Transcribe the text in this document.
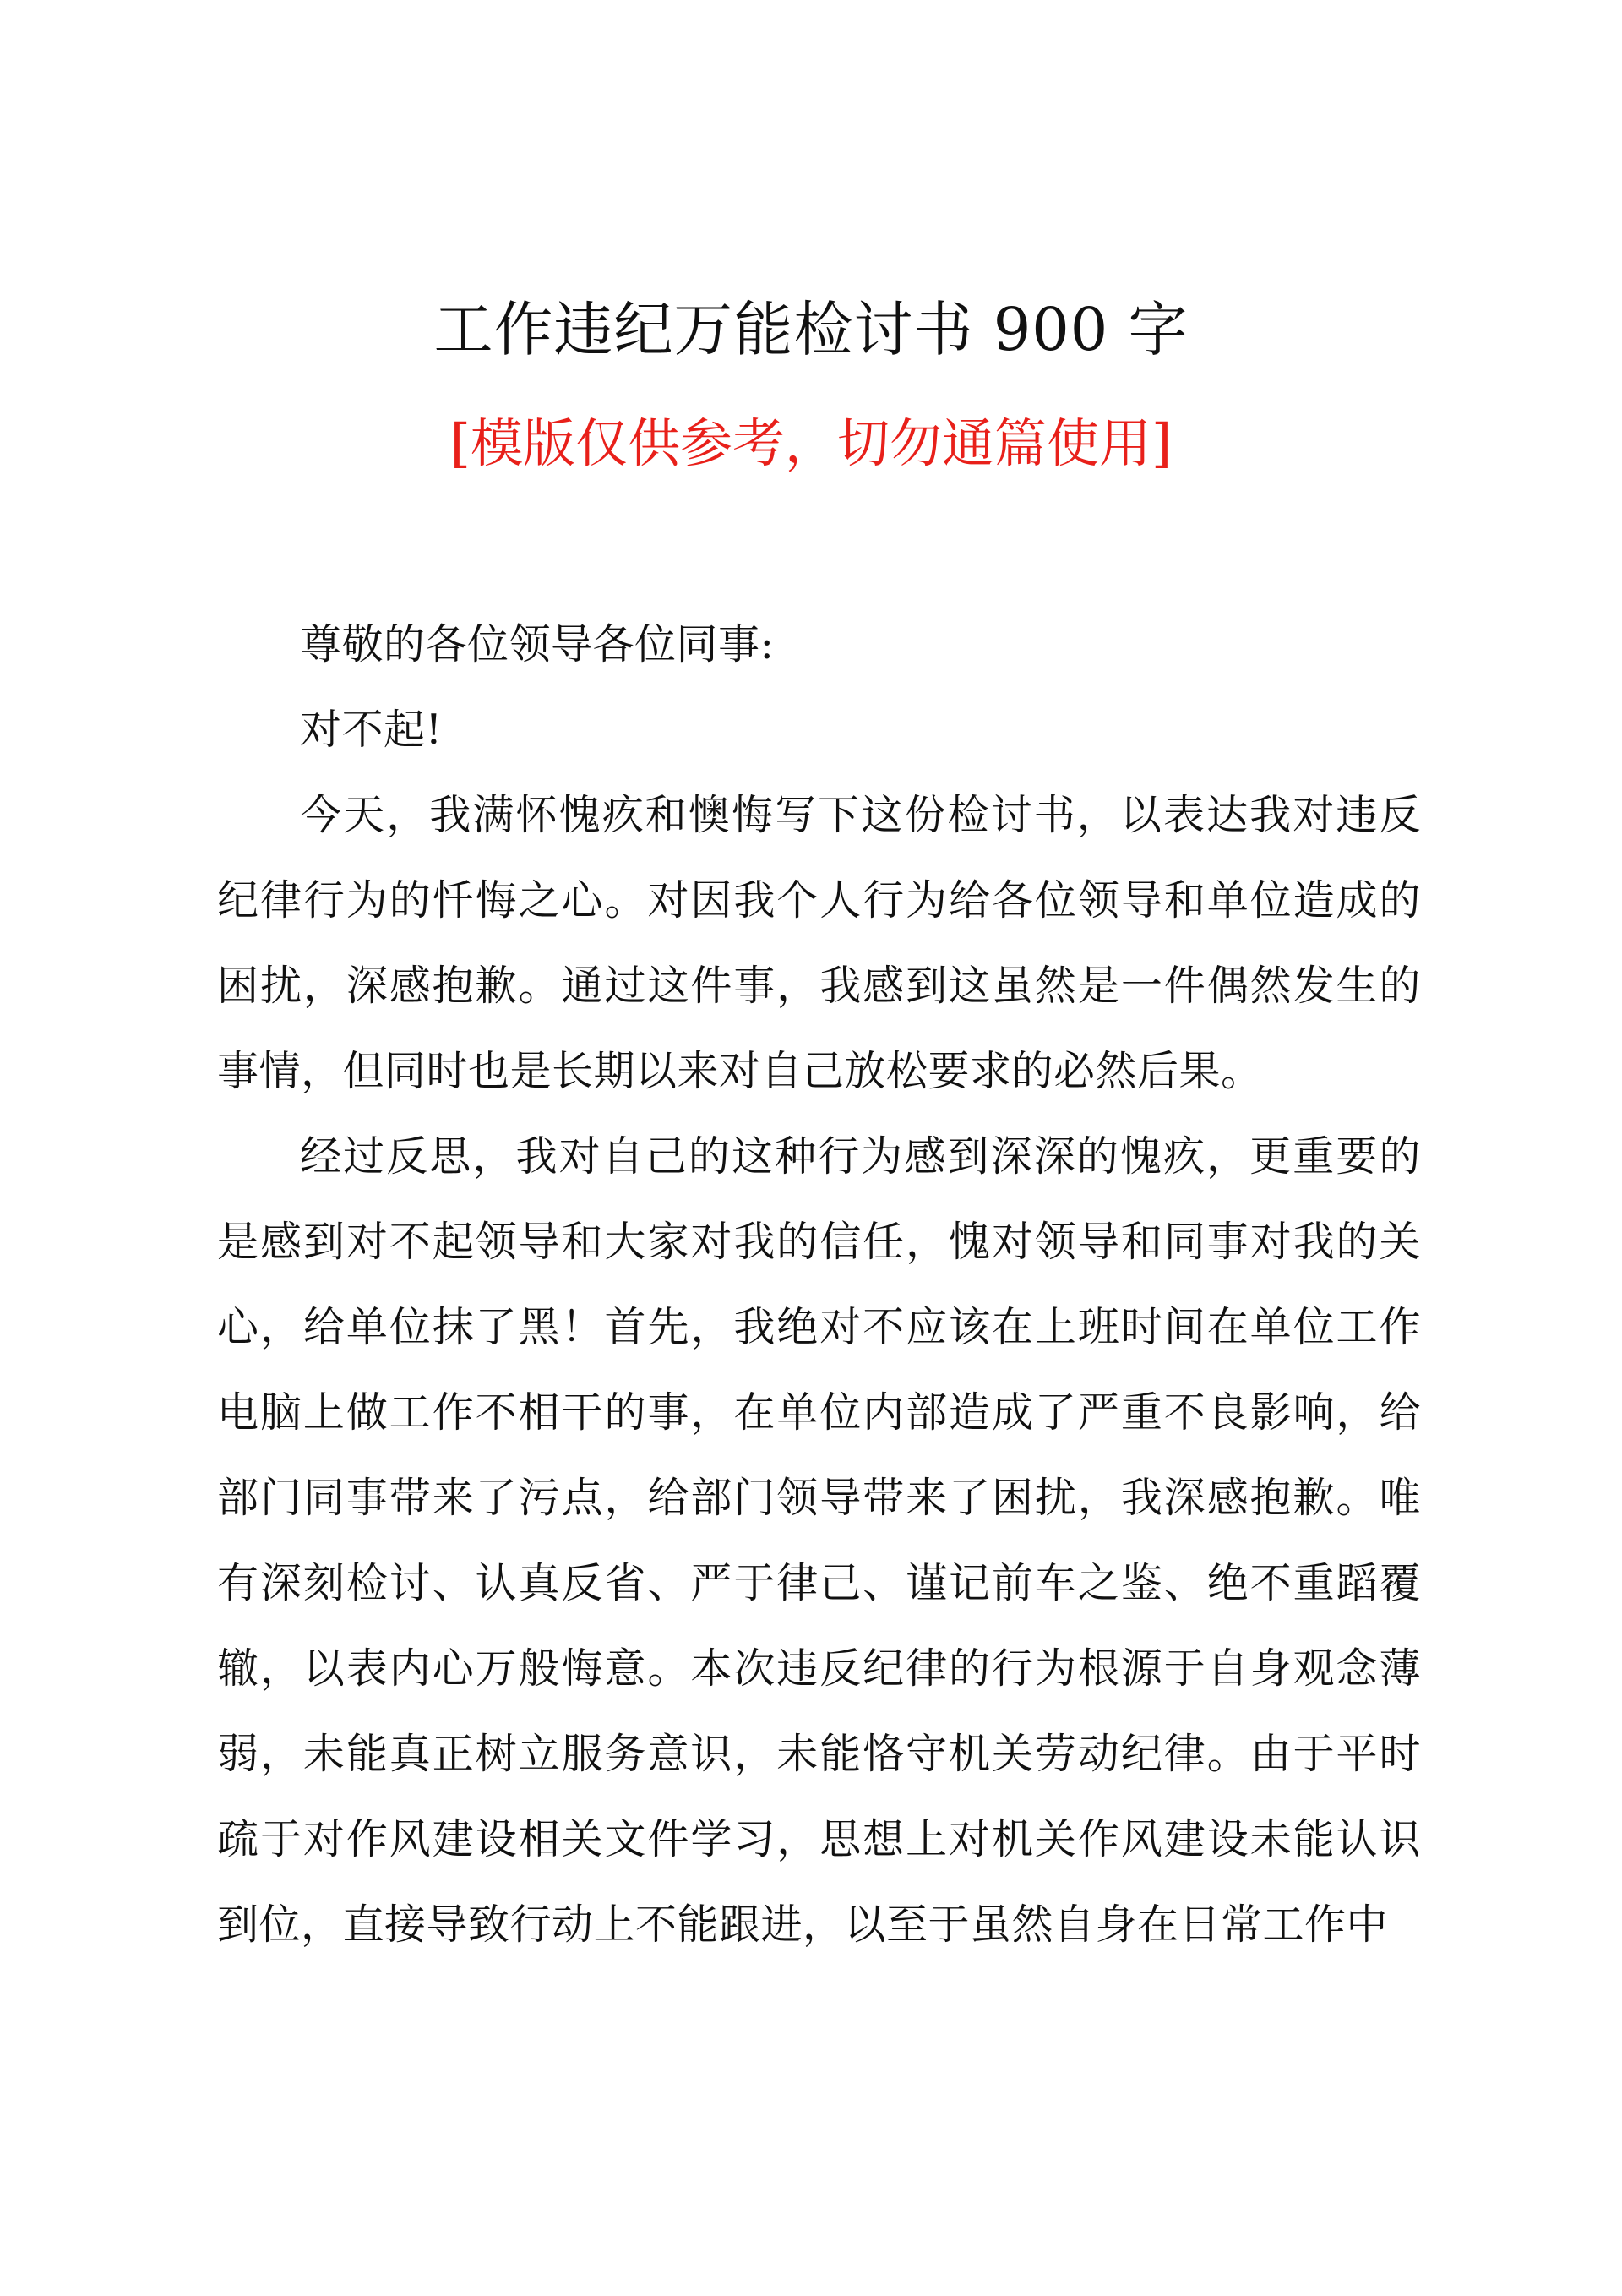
工作违纪万能检讨书 900 字
[模版仅供参考，切勿通篇使用]

尊敬的各位领导各位同事:

对不起!

今天，我满怀愧疚和懊悔写下这份检讨书，以表达我对违反纪律行为的忏悔之心。对因我个人行为给各位领导和单位造成的困扰，深感抱歉。通过这件事，我感到这虽然是一件偶然发生的事情，但同时也是长期以来对自己放松要求的必然后果。

经过反思，我对自己的这种行为感到深深的愧疚，更重要的是感到对不起领导和大家对我的信任，愧对领导和同事对我的关心，给单位抹了黑！首先，我绝对不应该在上班时间在单位工作电脑上做工作不相干的事，在单位内部造成了严重不良影响，给部门同事带来了污点，给部门领导带来了困扰，我深感抱歉。唯有深刻检讨、认真反省、严于律己、谨记前车之鉴、绝不重蹈覆辙，以表内心万般悔意。本次违反纪律的行为根源于自身观念薄弱，未能真正树立服务意识，未能恪守机关劳动纪律。由于平时疏于对作风建设相关文件学习，思想上对机关作风建设未能认识到位，直接导致行动上不能跟进，以至于虽然自身在日常工作中
